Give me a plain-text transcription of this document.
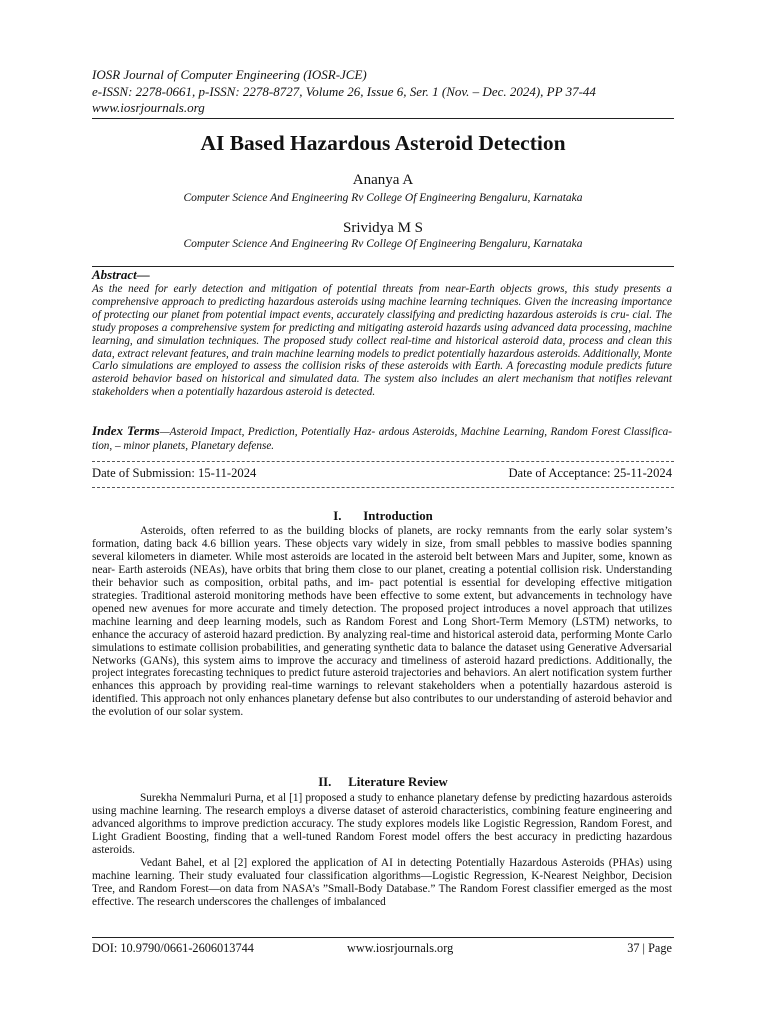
IOSR Journal of Computer Engineering (IOSR-JCE)
e-ISSN: 2278-0661, p-ISSN: 2278-8727, Volume 26, Issue 6, Ser. 1 (Nov. – Dec. 2024), PP 37-44
www.iosrjournals.org
AI Based Hazardous Asteroid Detection
Ananya A
Computer Science And Engineering Rv College Of Engineering Bengaluru, Karnataka
Srividya M S
Computer Science And Engineering Rv College Of Engineering Bengaluru, Karnataka
Abstract—

As the need for early detection and mitigation of potential threats from near-Earth objects grows, this study presents a comprehensive approach to predicting hazardous asteroids using machine learning techniques. Given the increasing importance of protecting our planet from potential impact events, accurately classifying and predicting hazardous asteroids is cru- cial. The study proposes a comprehensive system for predicting and mitigating asteroid hazards using advanced data processing, machine learning, and simulation techniques. The proposed study collect real-time and historical asteroid data, process and clean this data, extract relevant features, and train machine learning models to predict potentially hazardous asteroids. Additionally, Monte Carlo simulations are employed to assess the collision risks of these asteroids with Earth. A forecasting module predicts future asteroid behavior based on historical and simulated data. The system also includes an alert mechanism that notifies relevant stakeholders when a potentially hazardous asteroid is detected.

Index Terms—Asteroid Impact, Prediction, Potentially Haz- ardous Asteroids, Machine Learning, Random Forest Classifica- tion, – minor planets, Planetary defense.

Date of Submission: 15-11-2024	Date of Acceptance: 25-11-2024
I. Introduction

Asteroids, often referred to as the building blocks of planets, are rocky remnants from the early solar system’s formation, dating back 4.6 billion years. These objects vary widely in size, from small pebbles to massive bodies spanning several kilometers in diameter. While most asteroids are located in the asteroid belt between Mars and Jupiter, some, known as near- Earth asteroids (NEAs), have orbits that bring them close to our planet, creating a potential collision risk. Understanding their behavior such as composition, orbital paths, and im- pact potential is essential for developing effective mitigation strategies. Traditional asteroid monitoring methods have been effective to some extent, but advancements in technology have opened new avenues for more accurate and timely detection. The proposed project introduces a novel approach that utilizes machine learning and deep learning models, such as Random Forest and Long Short-Term Memory (LSTM) networks, to enhance the accuracy of asteroid hazard prediction. By analyzing real-time and historical asteroid data, performing Monte Carlo simulations to estimate collision probabilities, and generating synthetic data to balance the dataset using Generative Adversarial Networks (GANs), this system aims to improve the accuracy and timeliness of asteroid hazard predictions. Additionally, the project integrates forecasting techniques to predict future asteroid trajectories and behaviors. An alert notification system further enhances this approach by providing real-time warnings to relevant stakeholders when a potentially hazardous asteroid is identified. This approach not only enhances planetary defense but also contributes to our understanding of asteroid behavior and the evolution of our solar system.

II. Literature Review

Surekha Nemmaluri Purna, et al [1] proposed a study to enhance planetary defense by predicting hazardous asteroids using machine learning. The research employs a diverse dataset of asteroid characteristics, combining feature engineering and advanced algorithms to improve prediction accuracy. The study explores models like Logistic Regression, Random Forest, and Light Gradient Boosting, finding that a well-tuned Random Forest model offers the best accuracy in predicting hazardous asteroids.

Vedant Bahel, et al [2] explored the application of AI in detecting Potentially Hazardous Asteroids (PHAs) using machine learning. Their study evaluated four classification algorithms—Logistic Regression, K-Nearest Neighbor, Decision Tree, and Random Forest—on data from NASA’s ”Small-Body Database.” The Random Forest classifier emerged as the most effective. The research underscores the challenges of imbalanced

DOI: 10.9790/0661-2606013744	www.iosrjournals.org	37 | Page
